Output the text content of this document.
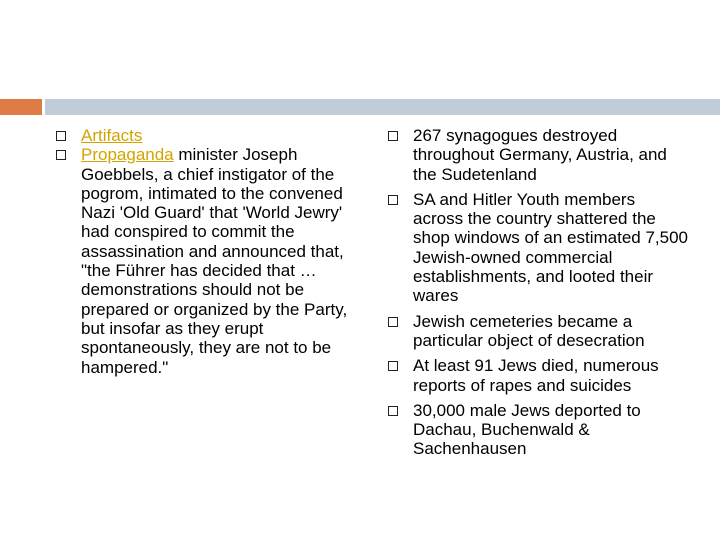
Artifacts
Propaganda minister Joseph Goebbels, a chief instigator of the pogrom, intimated to the convened Nazi 'Old Guard' that 'World Jewry' had conspired to commit the assassination and announced that, "the Führer has decided that … demonstrations should not be prepared or organized by the Party, but insofar as they erupt spontaneously, they are not to be hampered."
267 synagogues destroyed throughout Germany, Austria, and the Sudetenland
SA and Hitler Youth members across the country shattered the shop windows of an estimated 7,500 Jewish-owned commercial establishments, and looted their wares
Jewish cemeteries became a particular object of desecration
At least 91 Jews died, numerous reports of rapes and suicides
30,000 male Jews deported to Dachau, Buchenwald & Sachenhausen
